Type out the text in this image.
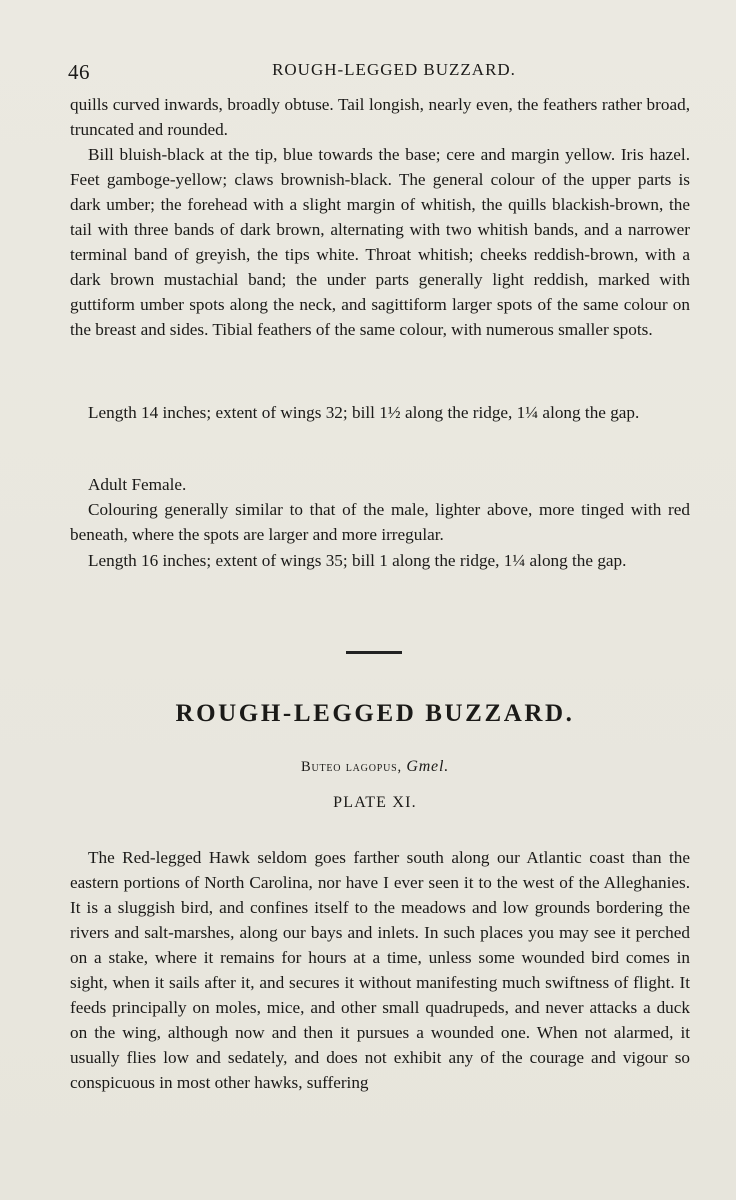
46	ROUGH-LEGGED BUZZARD.

quills curved inwards, broadly obtuse. Tail longish, nearly even, the feathers rather broad, truncated and rounded.

Bill bluish-black at the tip, blue towards the base; cere and margin yellow. Iris hazel. Feet gamboge-yellow; claws brownish-black. The general colour of the upper parts is dark umber; the forehead with a slight margin of whitish, the quills blackish-brown, the tail with three bands of dark brown, alternating with two whitish bands, and a narrower terminal band of greyish, the tips white. Throat whitish; cheeks reddish-brown, with a dark brown mustachial band; the under parts generally light reddish, marked with guttiform umber spots along the neck, and sagittiform larger spots of the same colour on the breast and sides. Tibial feathers of the same colour, with numerous smaller spots.

Length 14 inches; extent of wings 32; bill 1½ along the ridge, 1¼ along the gap.

Adult Female.

Colouring generally similar to that of the male, lighter above, more tinged with red beneath, where the spots are larger and more irregular.

Length 16 inches; extent of wings 35; bill 1 along the ridge, 1¼ along the gap.

ROUGH-LEGGED BUZZARD.
Buteo lagopus, Gmel.
PLATE XI.

The Red-legged Hawk seldom goes farther south along our Atlantic coast than the eastern portions of North Carolina, nor have I ever seen it to the west of the Alleghanies. It is a sluggish bird, and confines itself to the meadows and low grounds bordering the rivers and salt-marshes, along our bays and inlets. In such places you may see it perched on a stake, where it remains for hours at a time, unless some wounded bird comes in sight, when it sails after it, and secures it without manifesting much swiftness of flight. It feeds principally on moles, mice, and other small quadrupeds, and never attacks a duck on the wing, although now and then it pursues a wounded one. When not alarmed, it usually flies low and sedately, and does not exhibit any of the courage and vigour so conspicuous in most other hawks, suffering
